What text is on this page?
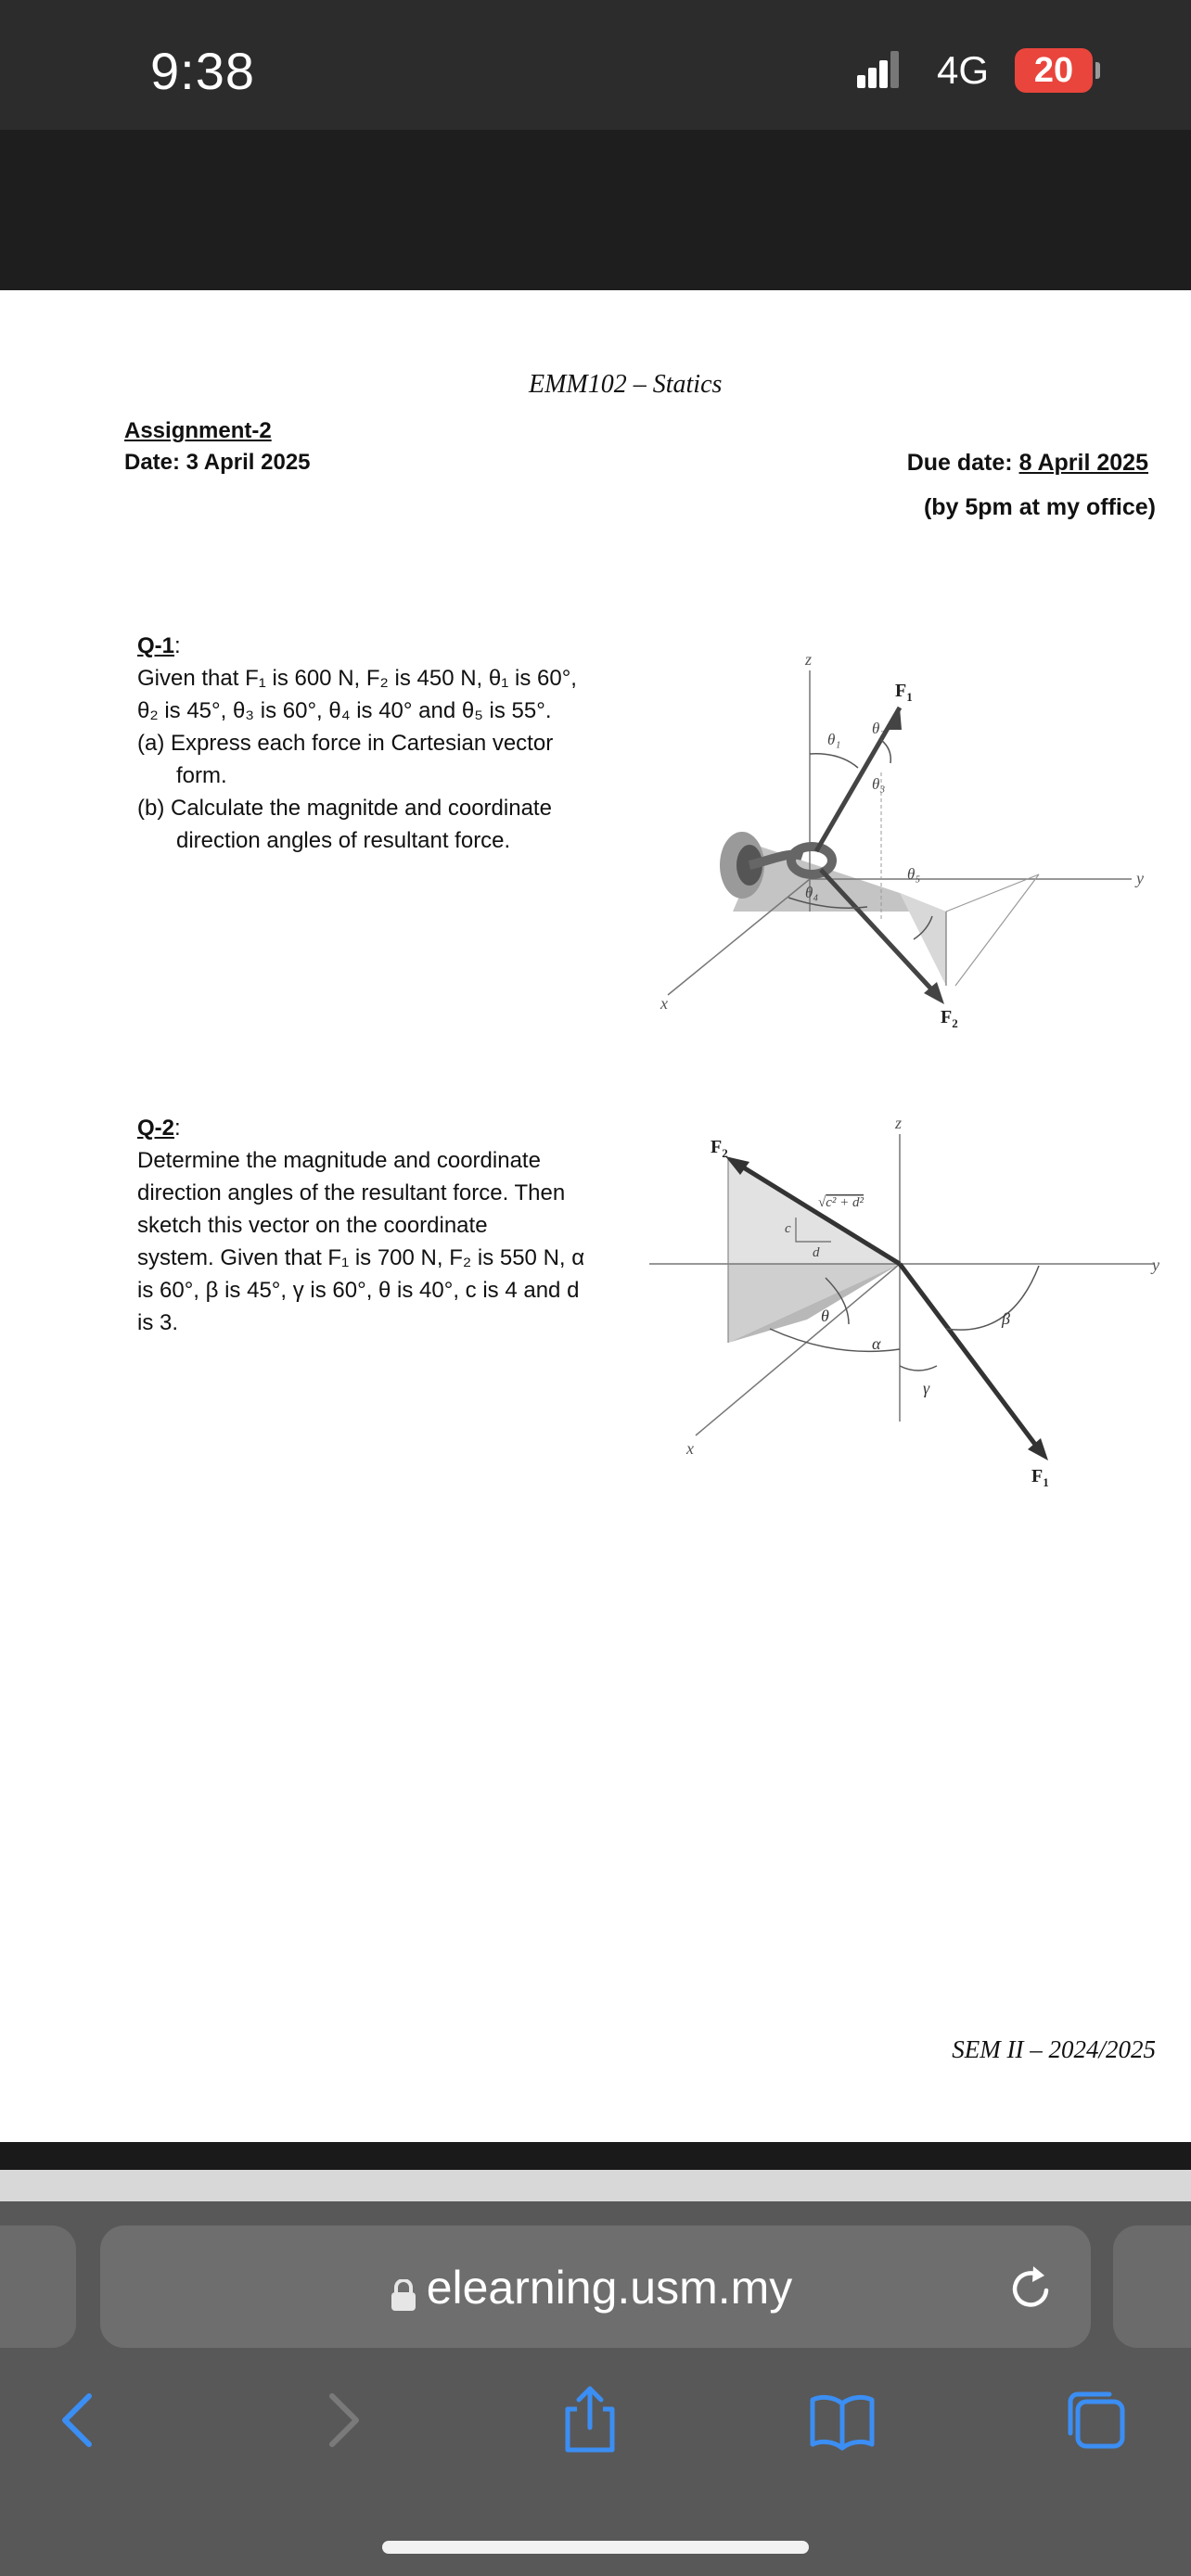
9:38	4G	20
EMM102 – Statics
Assignment-2
Date: 3 April 2025	Due date: 8 April 2025
(by 5pm at my office)
Q-1:
Given that F₁ is 600 N, F₂ is 450 N, θ₁ is 60°,
θ₂ is 45°, θ₃ is 60°, θ₄ is 40° and θ₅ is 55°.
(a) Express each force in Cartesian vector
form.
(b) Calculate the magnitde and coordinate
direction angles of resultant force.
z
y
x
$F_1$
$F_2$
θ₁
θ₂
θ₃
θ₄
θ₅
Q-2:
Determine the magnitude and coordinate
direction angles of the resultant force. Then
sketch this vector on the coordinate
system. Given that F₁ is 700 N, F₂ is 550 N, α
is 60°, β is 45°, γ is 60°, θ is 40°, c is 4 and d
is 3.
z
y
x
$F_2$
$F_1$
c
d
√c² + d²
θ
α
γ
β
SEM II – 2024/2025
elearning.usm.my
